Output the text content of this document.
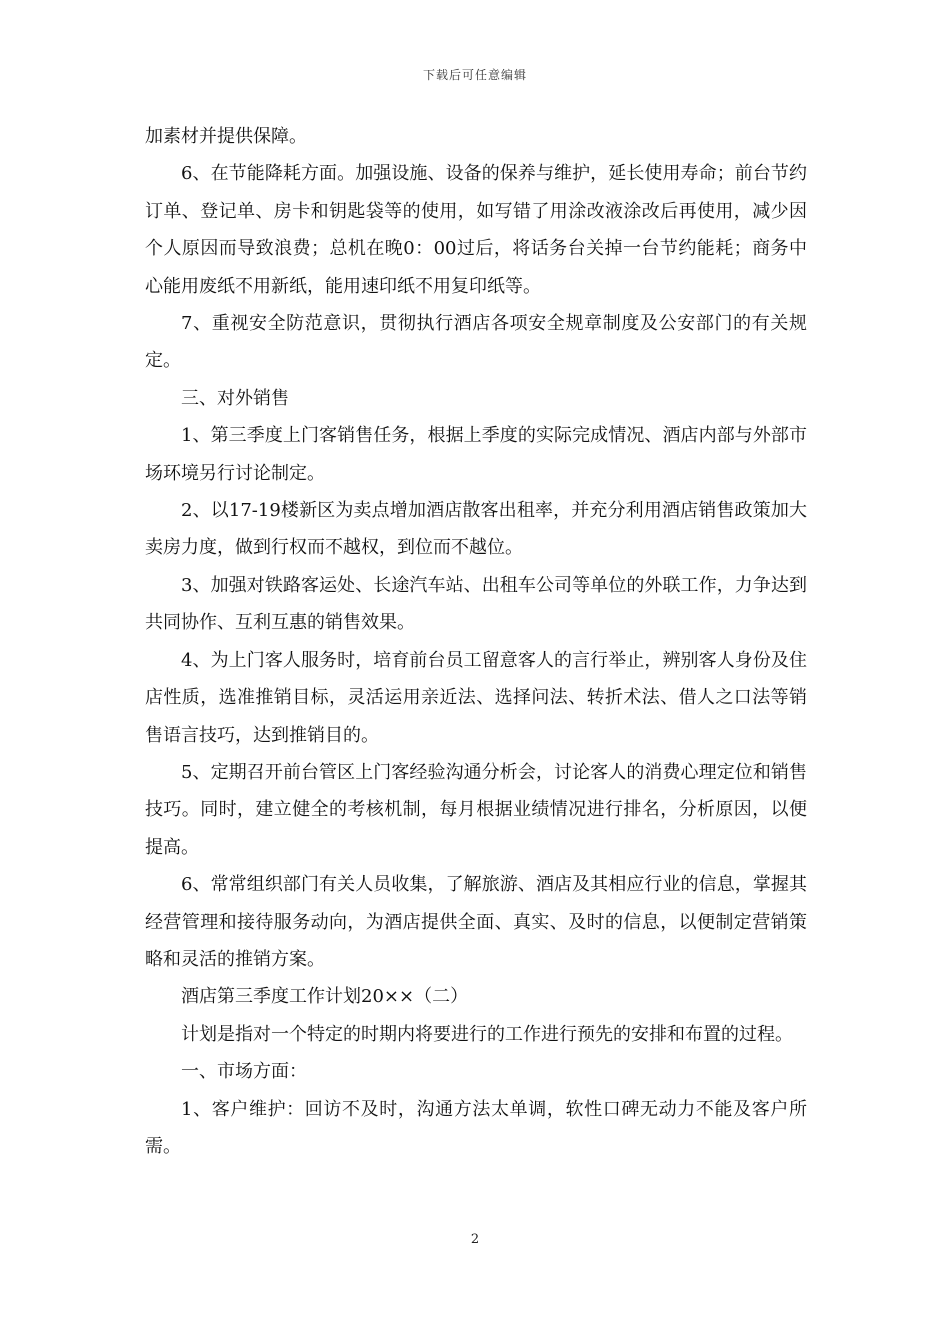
下载后可任意编辑

加素材并提供保障。

6、在节能降耗方面。加强设施、设备的保养与维护，延长使用寿命；前台节约订单、登记单、房卡和钥匙袋等的使用，如写错了用涂改液涂改后再使用，减少因个人原因而导致浪费；总机在晚0：00过后，将话务台关掉一台节约能耗；商务中心能用废纸不用新纸，能用速印纸不用复印纸等。

7、重视安全防范意识，贯彻执行酒店各项安全规章制度及公安部门的有关规定。

三、对外销售

1、第三季度上门客销售任务，根据上季度的实际完成情况、酒店内部与外部市场环境另行讨论制定。

2、以17-19楼新区为卖点增加酒店散客出租率，并充分利用酒店销售政策加大卖房力度，做到行权而不越权，到位而不越位。

3、加强对铁路客运处、长途汽车站、出租车公司等单位的外联工作，力争达到共同协作、互利互惠的销售效果。

4、为上门客人服务时，培育前台员工留意客人的言行举止，辨别客人身份及住店性质，选准推销目标，灵活运用亲近法、选择问法、转折术法、借人之口法等销售语言技巧，达到推销目的。

5、定期召开前台管区上门客经验沟通分析会，讨论客人的消费心理定位和销售技巧。同时，建立健全的考核机制，每月根据业绩情况进行排名，分析原因，以便提高。

6、常常组织部门有关人员收集，了解旅游、酒店及其相应行业的信息，掌握其经营管理和接待服务动向，为酒店提供全面、真实、及时的信息，以便制定营销策略和灵活的推销方案。

酒店第三季度工作计划20××（二）

计划是指对一个特定的时期内将要进行的工作进行预先的安排和布置的过程。

一、市场方面：

1、客户维护：回访不及时，沟通方法太单调，软性口碑无动力不能及客户所需。

2
